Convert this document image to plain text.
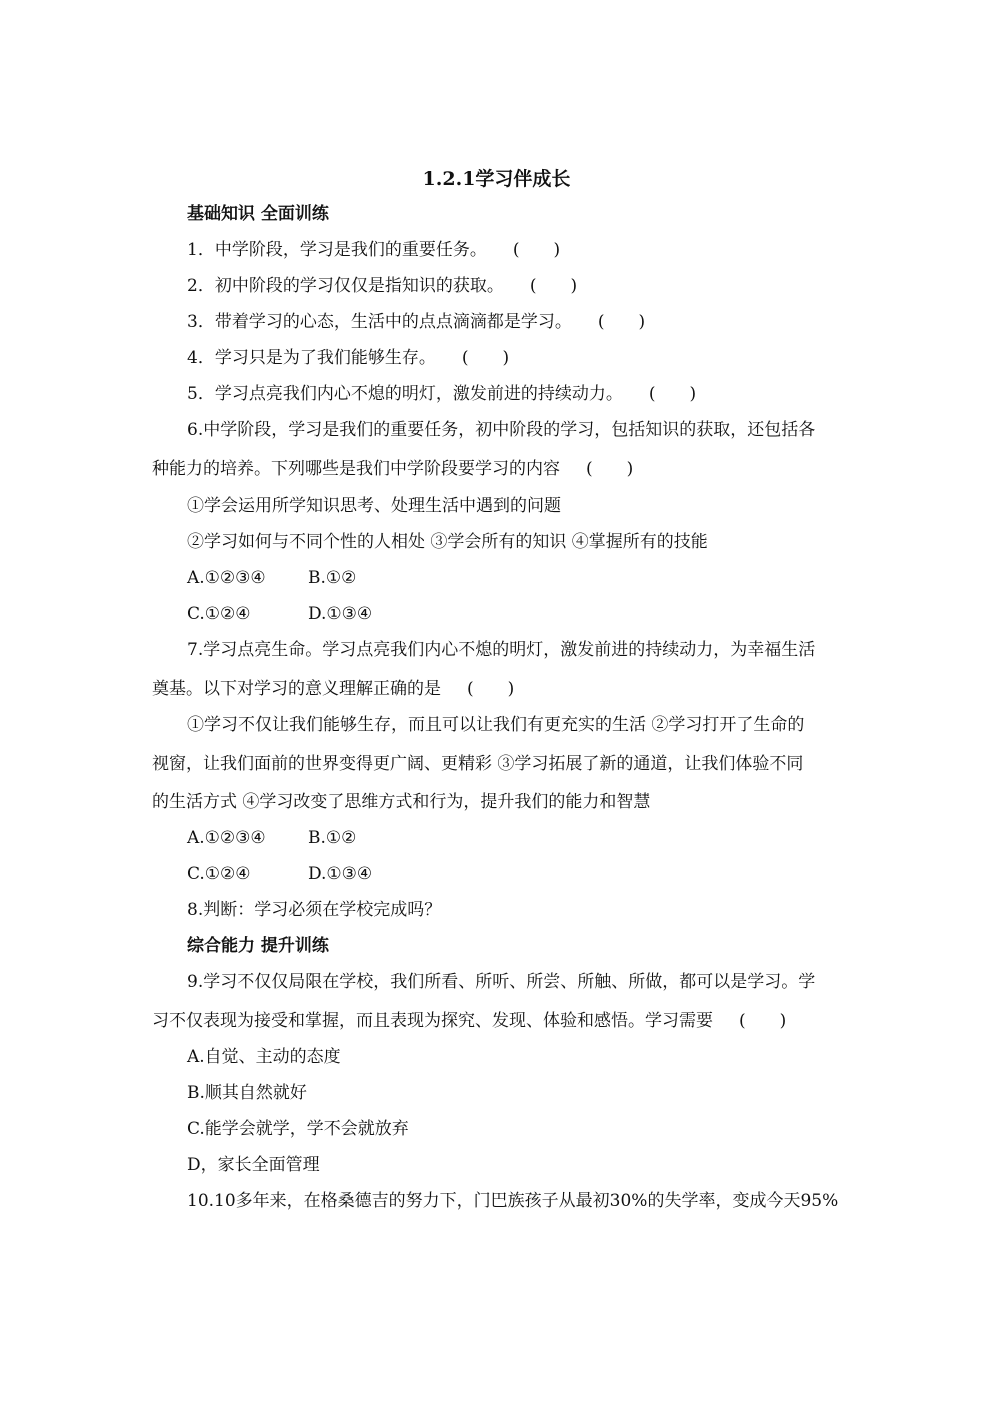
1.2.1学习伴成长
基础知识 全面训练
1．中学阶段，学习是我们的重要任务。 ( )
2．初中阶段的学习仅仅是指知识的获取。 ( )
3．带着学习的心态，生活中的点点滴滴都是学习。 ( )
4．学习只是为了我们能够生存。 ( )
5．学习点亮我们内心不熄的明灯，激发前进的持续动力。 ( )
6.中学阶段，学习是我们的重要任务，初中阶段的学习，包括知识的获取，还包括各
种能力的培养。下列哪些是我们中学阶段要学习的内容 ( )
①学会运用所学知识思考、处理生活中遇到的问题
②学习如何与不同个性的人相处 ③学会所有的知识 ④掌握所有的技能
A.①②③④ B.①②
C.①②④	D.①③④
7.学习点亮生命。学习点亮我们内心不熄的明灯，激发前进的持续动力，为幸福生活
奠基。以下对学习的意义理解正确的是 ( )
①学习不仅让我们能够生存，而且可以让我们有更充实的生活 ②学习打开了生命的
视窗，让我们面前的世界变得更广阔、更精彩 ③学习拓展了新的通道，让我们体验不同
的生活方式 ④学习改变了思维方式和行为，提升我们的能力和智慧
A.①②③④ B.①②
C.①②④	D.①③④
8.判断：学习必须在学校完成吗？
综合能力 提升训练
9.学习不仅仅局限在学校，我们所看、所听、所尝、所触、所做，都可以是学习。学
习不仅表现为接受和掌握，而且表现为探究、发现、体验和感悟。学习需要 ( )
A.自觉、主动的态度
B.顺其自然就好
C.能学会就学，学不会就放弃
D，家长全面管理
10.10多年来，在格桑德吉的努力下，门巴族孩子从最初30%的失学率，变成今天95%
